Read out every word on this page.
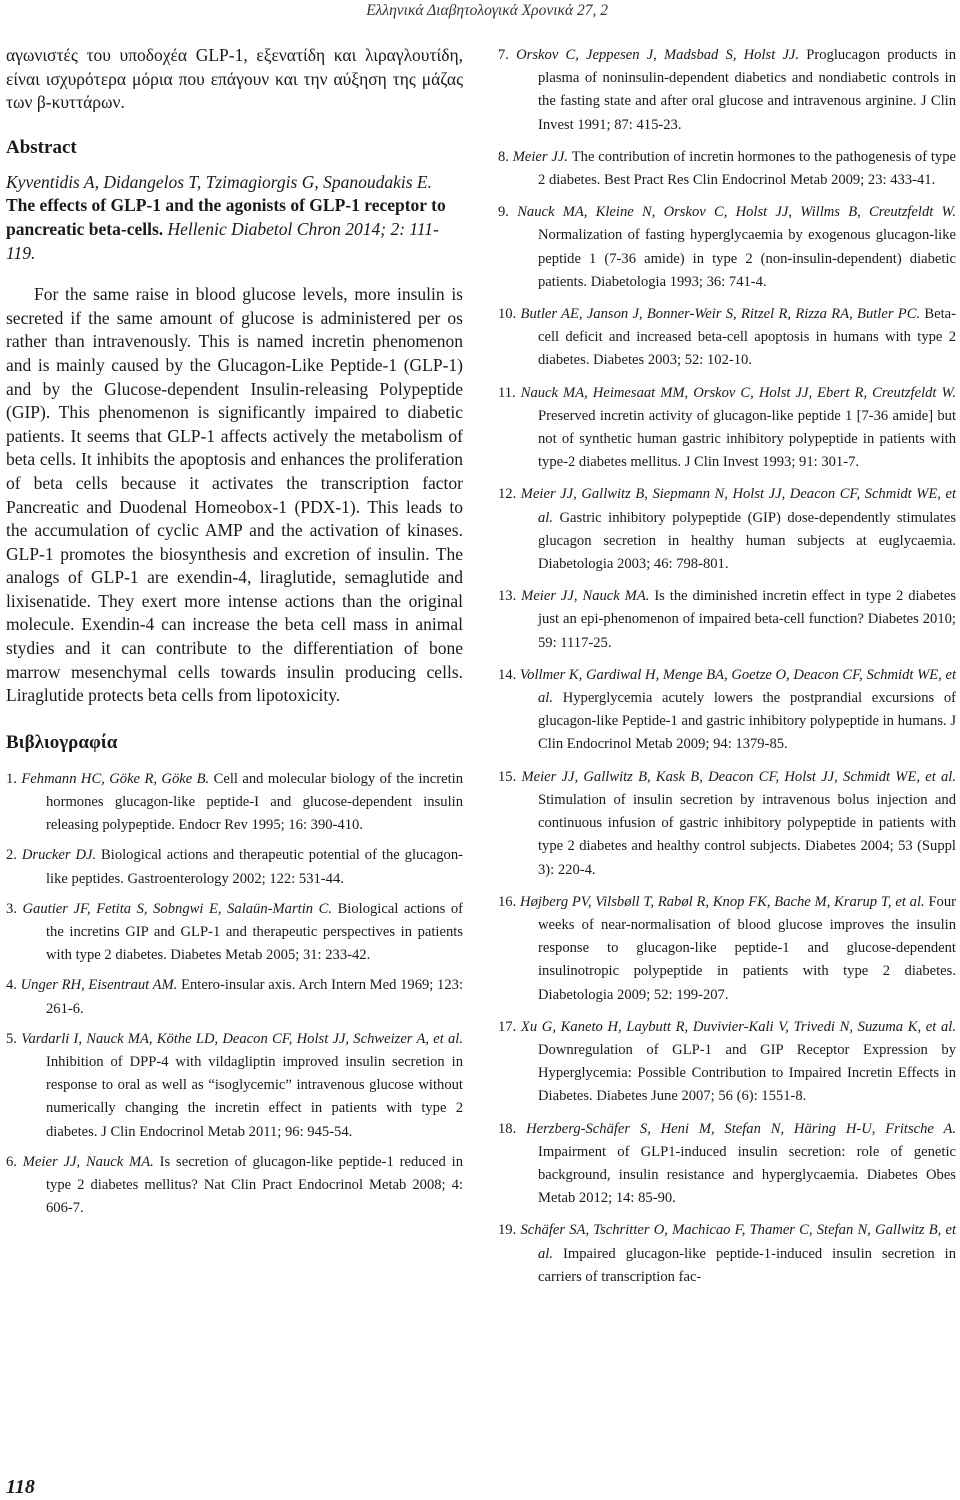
Ελληνικά Διαβητολογικά Χρονικά 27, 2

αγωνιστές του υποδοχέα GLP-1, εξενατίδη και λιραγλουτίδη, είναι ισχυρότερα μόρια που επάγουν και την αύξηση της μάζας των β-κυττάρων.

Abstract

Kyventidis A, Didangelos T, Tzimagiorgis G, Spanoudakis E. The effects of GLP-1 and the agonists of GLP-1 receptor to pancreatic beta-cells. Hellenic Diabetol Chron 2014; 2: 111-119.

For the same raise in blood glucose levels, more insulin is secreted if the same amount of glucose is administered per os rather than intravenously. This is named incretin phenomenon and is mainly caused by the Glucagon-Like Peptide-1 (GLP-1) and by the Glucose-dependent Insulin-releasing Polypeptide (GIP). This phenomenon is significantly impaired to diabetic patients. It seems that GLP-1 affects actively the metabolism of beta cells. It inhibits the apoptosis and enhances the proliferation of beta cells because it activates the transcription factor Pancreatic and Duodenal Homeobox-1 (PDX-1). This leads to the accumulation of cyclic AMP and the activation of kinases. GLP-1 promotes the biosynthesis and excretion of insulin. The analogs of GLP-1 are exendin-4, liraglutide, semaglutide and lixisenatide. They exert more intense actions than the original molecule. Exendin-4 can increase the beta cell mass in animal stydies and it can contribute to the differentiation of bone marrow mesenchymal cells towards insulin producing cells. Liraglutide protects beta cells from lipotoxicity.

Βιβλιογραφία
1. Fehmann HC, Göke R, Göke B. Cell and molecular biology of the incretin hormones glucagon-like peptide-I and glucose-dependent insulin releasing polypeptide. Endocr Rev 1995; 16: 390-410.
2. Drucker DJ. Biological actions and therapeutic potential of the glucagon-like peptides. Gastroenterology 2002; 122: 531-44.
3. Gautier JF, Fetita S, Sobngwi E, Salaün-Martin C. Biological actions of the incretins GIP and GLP-1 and therapeutic perspectives in patients with type 2 diabetes. Diabetes Metab 2005; 31: 233-42.
4. Unger RH, Eisentraut AM. Entero-insular axis. Arch Intern Med 1969; 123: 261-6.
5. Vardarli I, Nauck MA, Köthe LD, Deacon CF, Holst JJ, Schweizer A, et al. Inhibition of DPP-4 with vildagliptin improved insulin secretion in response to oral as well as “isoglycemic” intravenous glucose without numerically changing the incretin effect in patients with type 2 diabetes. J Clin Endocrinol Metab 2011; 96: 945-54.
6. Meier JJ, Nauck MA. Is secretion of glucagon-like peptide-1 reduced in type 2 diabetes mellitus? Nat Clin Pract Endocrinol Metab 2008; 4: 606-7.
7. Orskov C, Jeppesen J, Madsbad S, Holst JJ. Proglucagon products in plasma of noninsulin-dependent diabetics and nondiabetic controls in the fasting state and after oral glucose and intravenous arginine. J Clin Invest 1991; 87: 415-23.
8. Meier JJ. The contribution of incretin hormones to the pathogenesis of type 2 diabetes. Best Pract Res Clin Endocrinol Metab 2009; 23: 433-41.
9. Nauck MA, Kleine N, Orskov C, Holst JJ, Willms B, Creutzfeldt W. Normalization of fasting hyperglycaemia by exogenous glucagon-like peptide 1 (7-36 amide) in type 2 (non-insulin-dependent) diabetic patients. Diabetologia 1993; 36: 741-4.
10. Butler AE, Janson J, Bonner-Weir S, Ritzel R, Rizza RA, Butler PC. Beta-cell deficit and increased beta-cell apoptosis in humans with type 2 diabetes. Diabetes 2003; 52: 102-10.
11. Nauck MA, Heimesaat MM, Orskov C, Holst JJ, Ebert R, Creutzfeldt W. Preserved incretin activity of glucagon-like peptide 1 [7-36 amide] but not of synthetic human gastric inhibitory polypeptide in patients with type-2 diabetes mellitus. J Clin Invest 1993; 91: 301-7.
12. Meier JJ, Gallwitz B, Siepmann N, Holst JJ, Deacon CF, Schmidt WE, et al. Gastric inhibitory polypeptide (GIP) dose-dependently stimulates glucagon secretion in healthy human subjects at euglycaemia. Diabetologia 2003; 46: 798-801.
13. Meier JJ, Nauck MA. Is the diminished incretin effect in type 2 diabetes just an epi-phenomenon of impaired beta-cell function? Diabetes 2010; 59: 1117-25.
14. Vollmer K, Gardiwal H, Menge BA, Goetze O, Deacon CF, Schmidt WE, et al. Hyperglycemia acutely lowers the postprandial excursions of glucagon-like Peptide-1 and gastric inhibitory polypeptide in humans. J Clin Endocrinol Metab 2009; 94: 1379-85.
15. Meier JJ, Gallwitz B, Kask B, Deacon CF, Holst JJ, Schmidt WE, et al. Stimulation of insulin secretion by intravenous bolus injection and continuous infusion of gastric inhibitory polypeptide in patients with type 2 diabetes and healthy control subjects. Diabetes 2004; 53 (Suppl 3): 220-4.
16. Højberg PV, Vilsbøll T, Rabøl R, Knop FK, Bache M, Krarup T, et al. Four weeks of near-normalisation of blood glucose improves the insulin response to glucagon-like peptide-1 and glucose-dependent insulinotropic polypeptide in patients with type 2 diabetes. Diabetologia 2009; 52: 199-207.
17. Xu G, Kaneto H, Laybutt R, Duvivier-Kali V, Trivedi N, Suzuma K, et al. Downregulation of GLP-1 and GIP Receptor Expression by Hyperglycemia: Possible Contribution to Impaired Incretin Effects in Diabetes. Diabetes June 2007; 56 (6): 1551-8.
18. Herzberg-Schäfer S, Heni M, Stefan N, Häring H-U, Fritsche A. Impairment of GLP1-induced insulin secretion: role of genetic background, insulin resistance and hyperglycaemia. Diabetes Obes Metab 2012; 14: 85-90.
19. Schäfer SA, Tschritter O, Machicao F, Thamer C, Stefan N, Gallwitz B, et al. Impaired glucagon-like peptide-1-induced insulin secretion in carriers of transcription fac-
118
